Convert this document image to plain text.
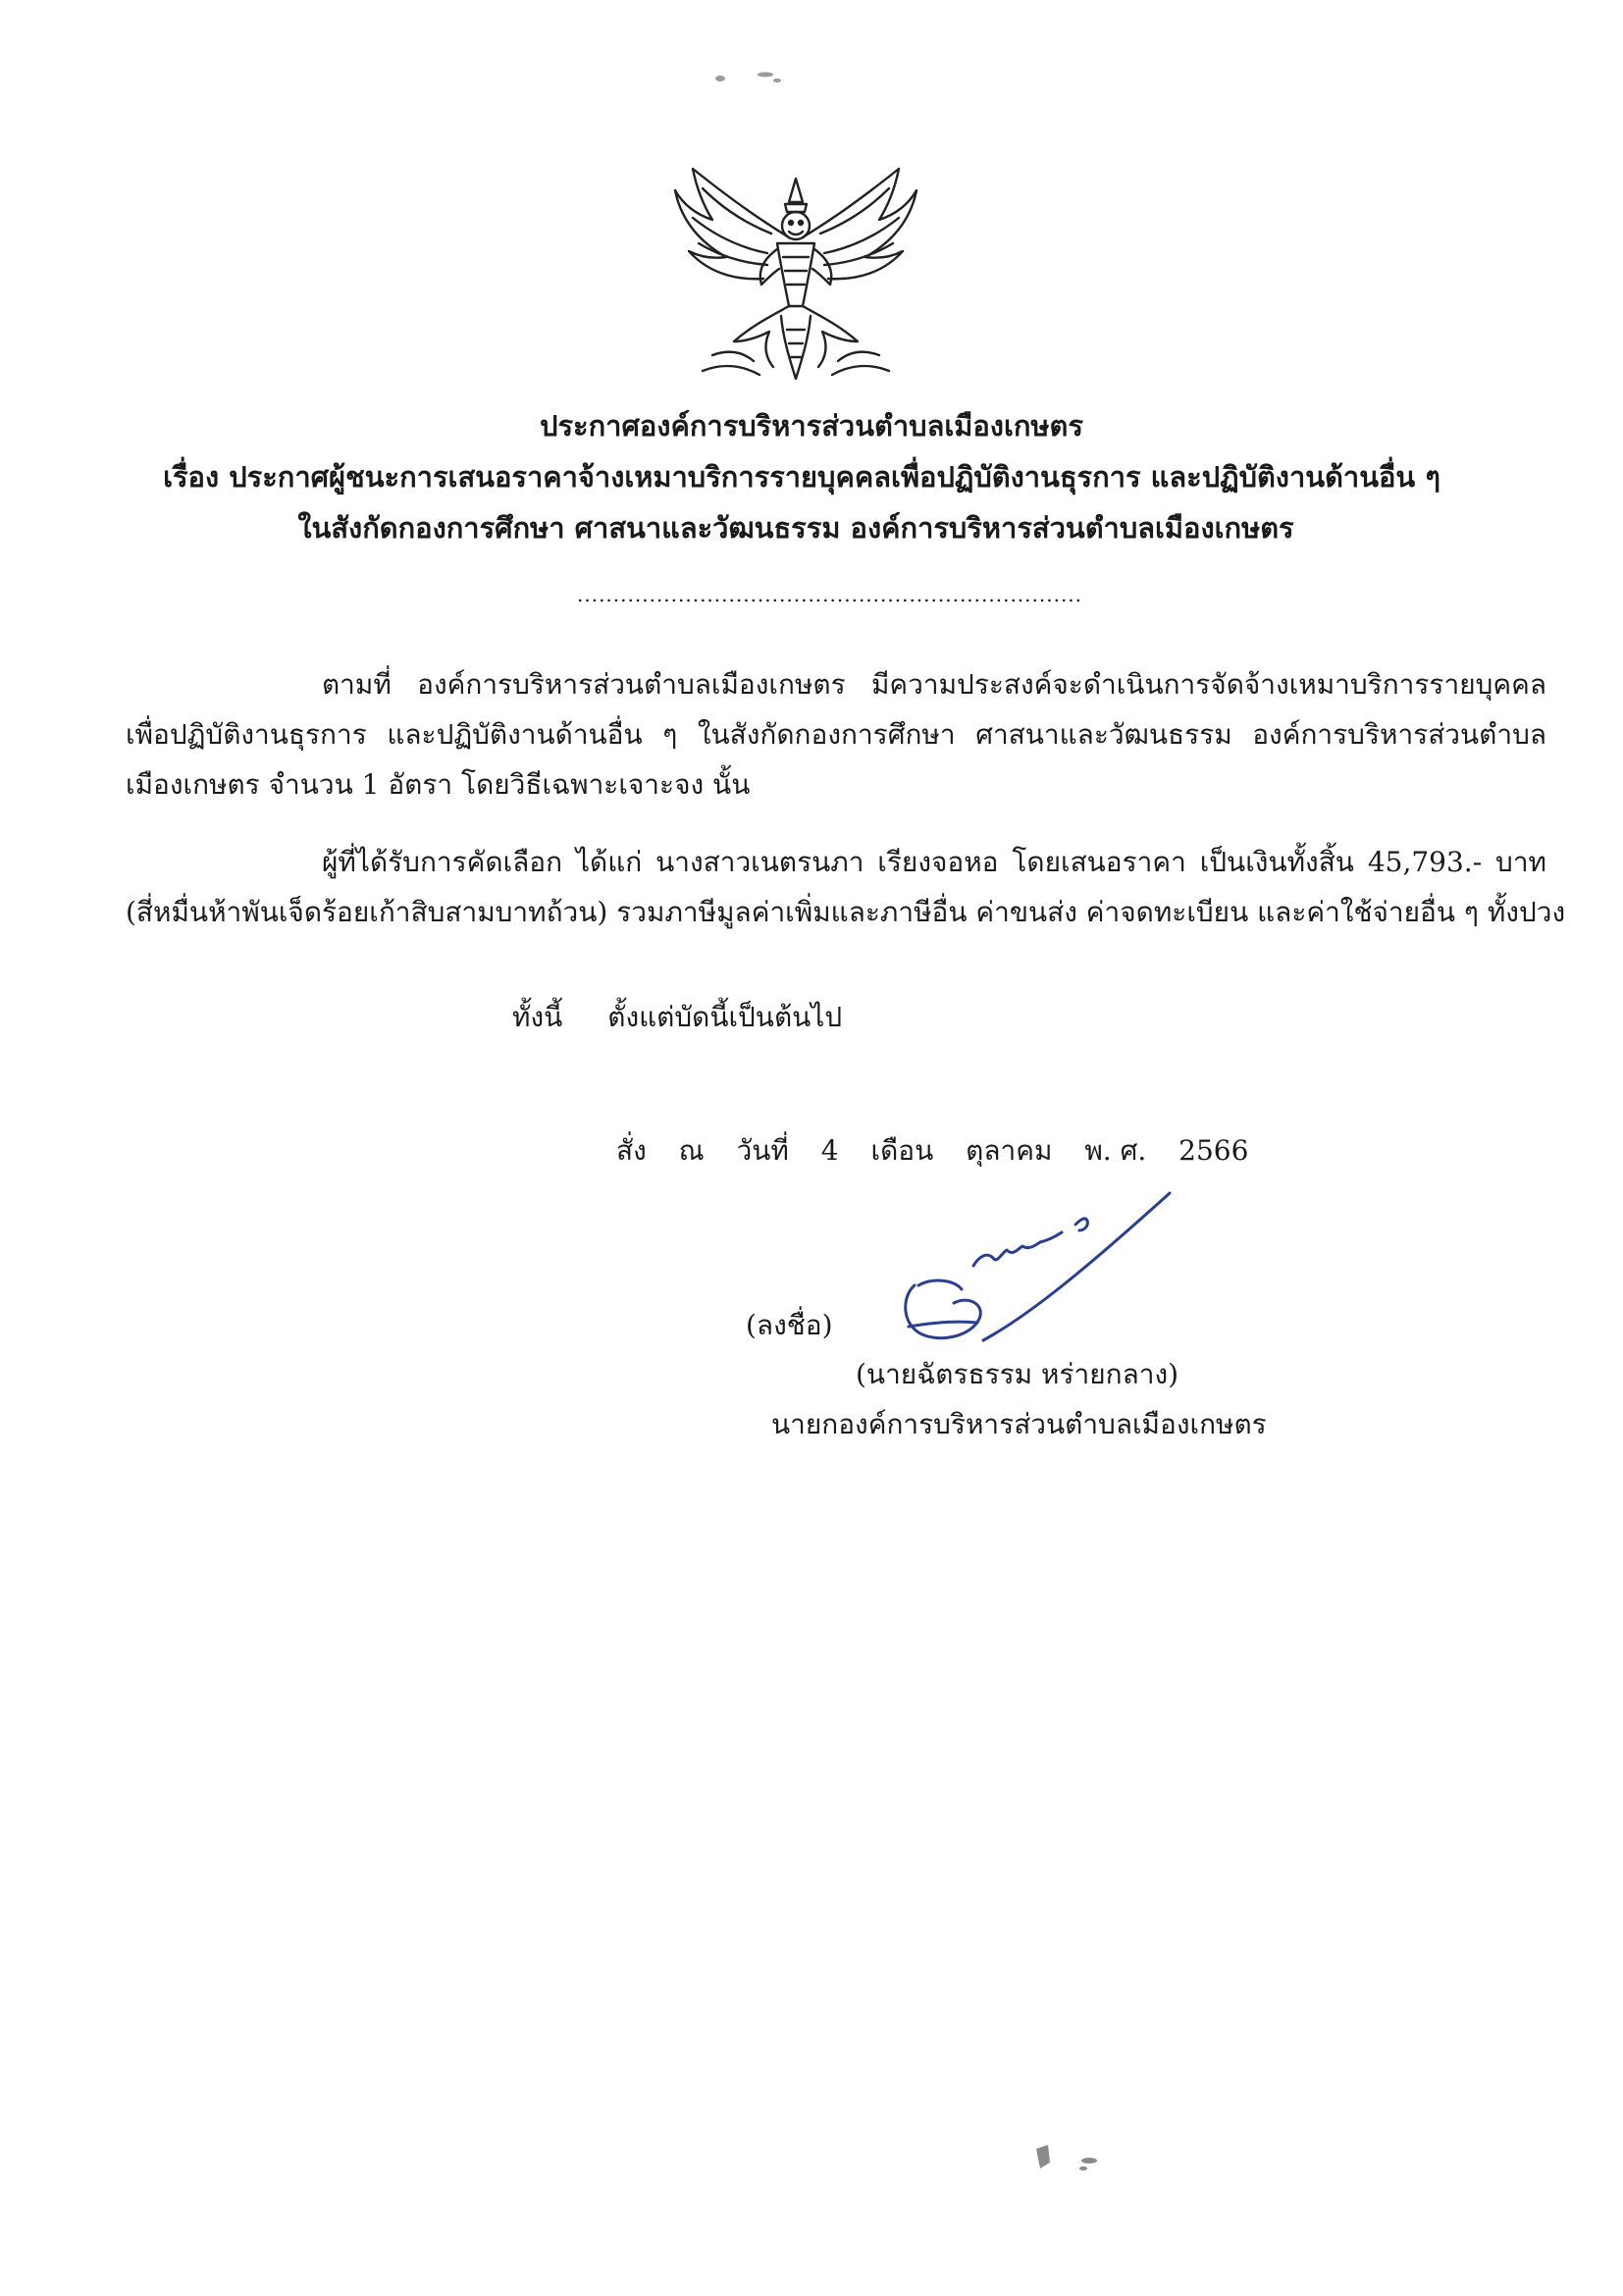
ประกาศองค์การบริหารส่วนตำบลเมืองเกษตร
เรื่อง ประกาศผู้ชนะการเสนอราคาจ้างเหมาบริการรายบุคคลเพื่อปฏิบัติงานธุรการ และปฏิบัติงานด้านอื่น ๆ
ในสังกัดกองการศึกษา ศาสนาและวัฒนธรรม องค์การบริหารส่วนตำบลเมืองเกษตร
......................................................................
ตามที่ องค์การบริหารส่วนตำบลเมืองเกษตร มีความประสงค์จะดำเนินการจัดจ้างเหมาบริการรายบุคคล
เพื่อปฏิบัติงานธุรการ และปฏิบัติงานด้านอื่น ๆ ในสังกัดกองการศึกษา ศาสนาและวัฒนธรรม องค์การบริหารส่วนตำบล
เมืองเกษตร จำนวน 1 อัตรา โดยวิธีเฉพาะเจาะจง นั้น
ผู้ที่ได้รับการคัดเลือก ได้แก่ นางสาวเนตรนภา เรียงจอหอ โดยเสนอราคา เป็นเงินทั้งสิ้น 45,793.- บาท
(สี่หมื่นห้าพันเจ็ดร้อยเก้าสิบสามบาทถ้วน) รวมภาษีมูลค่าเพิ่มและภาษีอื่น ค่าขนส่ง ค่าจดทะเบียน และค่าใช้จ่ายอื่น ๆ ทั้งปวง
ทั้งนี้ ตั้งแต่บัดนี้เป็นต้นไป
สั่ง ณ วันที่ 4 เดือน ตุลาคม พ. ศ. 2566
(ลงชื่อ)
(นายฉัตรธรรม หร่ายกลาง)
นายกองค์การบริหารส่วนตำบลเมืองเกษตร
